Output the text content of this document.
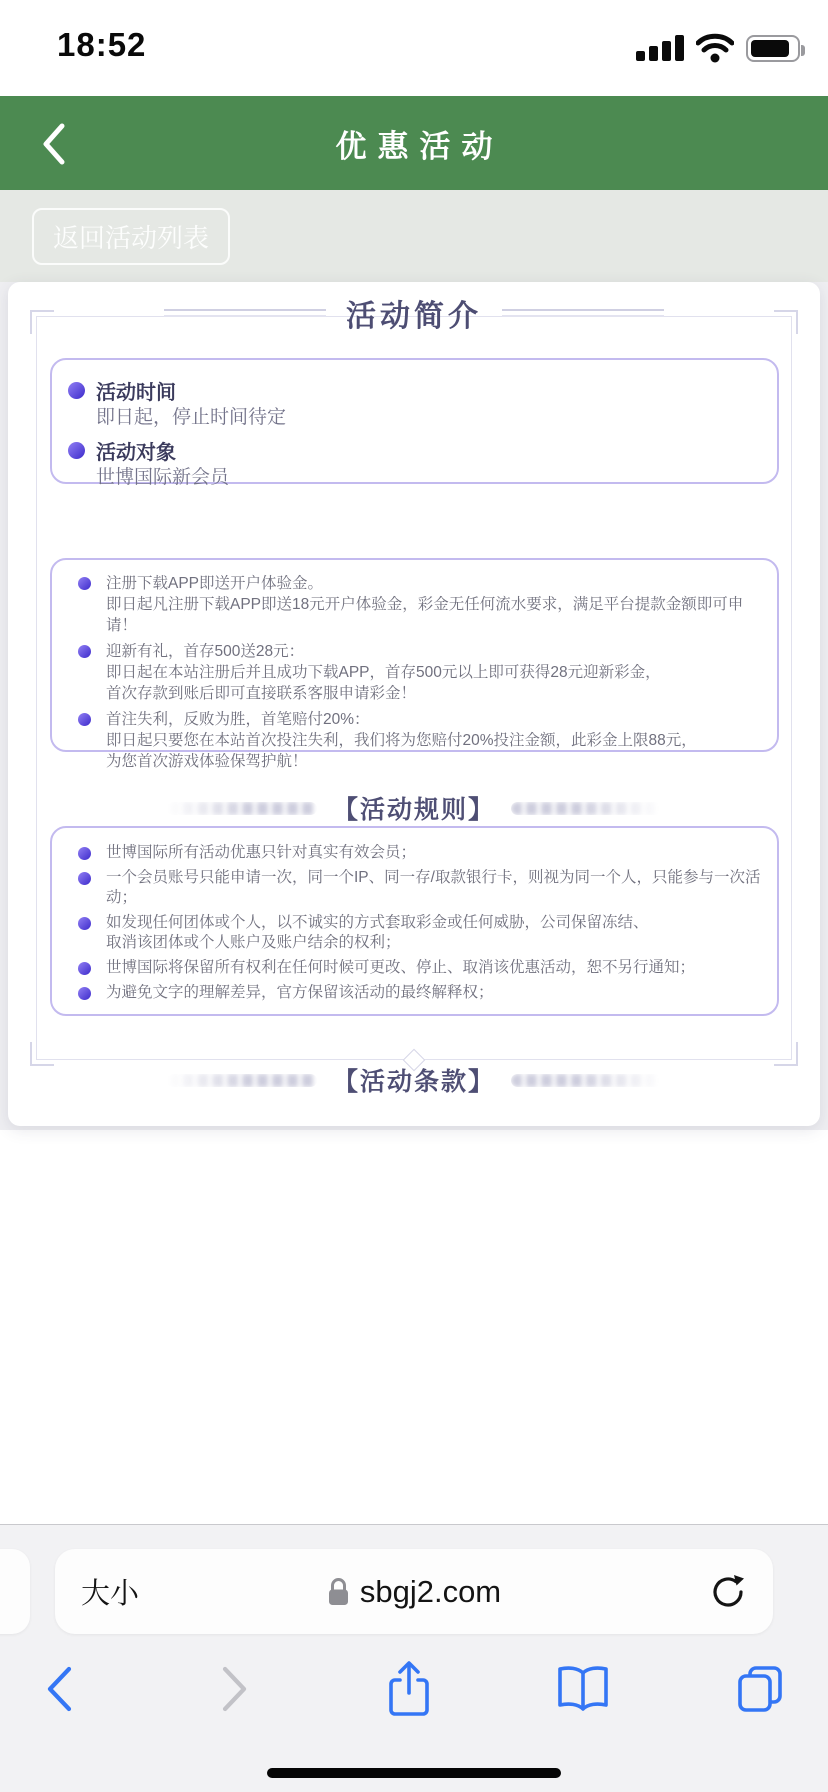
18:52
优惠活动
返回活动列表
活动简介
活动时间
即日起，停止时间待定
活动对象
世博国际新会员
【活动规则】
注册下载APP即送开户体验金。
即日起凡注册下载APP即送18元开户体验金，彩金无任何流水要求，满足平台提款金额即可申请！
迎新有礼，首存500送28元：
即日起在本站注册后并且成功下载APP，首存500元以上即可获得28元迎新彩金，
首次存款到账后即可直接联系客服申请彩金！
首注失利，反败为胜，首笔赔付20%：
即日起只要您在本站首次投注失利，我们将为您赔付20%投注金额，此彩金上限88元，
为您首次游戏体验保驾护航！
【活动条款】
世博国际所有活动优惠只针对真实有效会员；
一个会员账号只能申请一次，同一个IP、同一存/取款银行卡，则视为同一个人，只能参与一次活动；
如发现任何团体或个人，以不诚实的方式套取彩金或任何威胁，公司保留冻结、
取消该团体或个人账户及账户结余的权利；
世博国际将保留所有权利在任何时候可更改、停止、取消该优惠活动，恕不另行通知；
为避免文字的理解差异，官方保留该活动的最终解释权；
大小	sbgj2.com
